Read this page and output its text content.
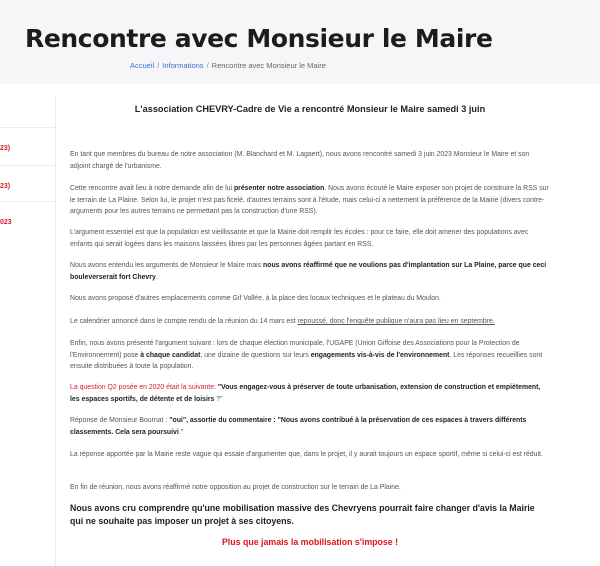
Rencontre avec Monsieur le Maire
Accueil / Informations / Rencontre avec Monsieur le Maire
23)
23)
023
L'association CHEVRY-Cadre de Vie a rencontré Monsieur le Maire samedi 3 juin
En tant que membres du bureau de notre association (M. Blanchard et M. Lagaert), nous avons rencontré samedi 3 juin 2023 Monsieur le Maire et son adjoint chargé de l'urbanisme.
Cette rencontre avait lieu à notre demande afin de lui présenter notre association. Nous avons écouté le Maire exposer son projet de construire la RSS sur le terrain de La Plaine. Selon lui, le projet n'est pas ficelé, d'autres terrains sont à l'étude, mais celui-ci a nettement la préférence de la Mairie (divers contre-arguments pour les autres terrains ne permettant pas la construction d'une RSS).
L'argument essentiel est que la population est vieillissante et que la Mairie doit remplir les écoles : pour ce faire, elle doit amener des populations avec enfants qui serait logées dans les maisons laissées libres par les personnes âgées partant en RSS.
Nous avons entendu les arguments de Monsieur le Maire mais nous avons réaffirmé que ne voulions pas d'implantation sur La Plaine, parce que ceci bouleverserait fort Chevry.
Nous avons proposé d'autres emplacements comme Gif Vallée, à la place des locaux techniques et le plateau du Moulon.
Le calendrier annoncé dans le compte rendu de la réunion du 14 mars est repoussé, donc l'enquête publique n'aura pas lieu en septembre.
Enfin, nous avons présenté l'argument suivant : lors de chaque élection municipale, l'UGAPE (Union Giffoise des Associations pour la Protection de l'Environnement) pose à chaque candidat, une dizaine de questions sur leurs engagements vis-à-vis de l'environnement. Les réponses recueillies sont ensuite distribuées à toute la population.
La question Q2 posée en 2020 était la suivante: "Vous engagez-vous à préserver de toute urbanisation, extension de construction et empiètement, les espaces sportifs, de détente et de loisirs ?"
Réponse de Monsieur Bournat : "oui", assortie du commentaire : "Nous avons contribué à la préservation de ces espaces à travers différents classements. Cela sera poursuivi."
La réponse apportée par la Mairie reste vague qui essaie d'argumenter que, dans le projet, il y aurait toujours un espace sportif, même si celui-ci est réduit.
En fin de réunion, nous avons réaffirmé notre opposition au projet de construction sur le terrain de La Plaine.
Nous avons cru comprendre qu'une mobilisation massive des Chevryens pourrait faire changer d'avis la Mairie qui ne souhaite pas imposer un projet à ses citoyens.
Plus que jamais la mobilisation s'impose !
